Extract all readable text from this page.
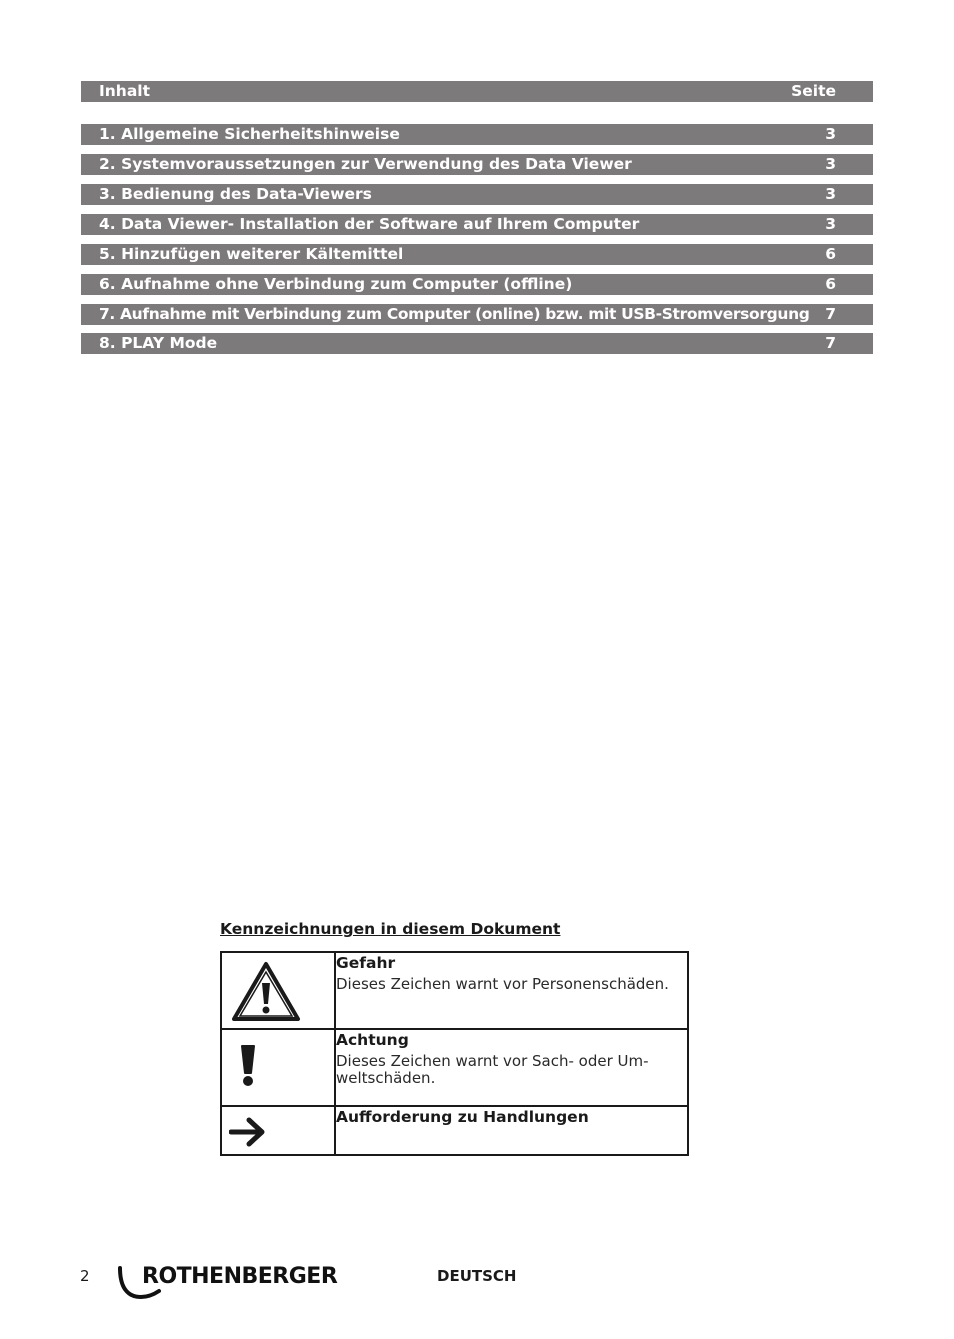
Inhalt	Seite
1. Allgemeine Sicherheitshinweise	3
2. Systemvoraussetzungen zur Verwendung des Data Viewer	3
3. Bedienung des Data-Viewers	3
4. Data Viewer- Installation der Software auf Ihrem Computer	3
5. Hinzufügen weiterer Kältemittel	6
6. Aufnahme ohne Verbindung zum Computer (offline)	6
7. Aufnahme mit Verbindung zum Computer (online) bzw. mit USB-Stromversorgung 7
8. PLAY Mode	7
Kennzeichnungen in diesem Dokument

Gefahr
Dieses Zeichen warnt vor Personenschäden.

Achtung
Dieses Zeichen warnt vor Sach- oder Um-weltschäden.

Aufforderung zu Handlungen
2 ROTHENBERGER	DEUTSCH
